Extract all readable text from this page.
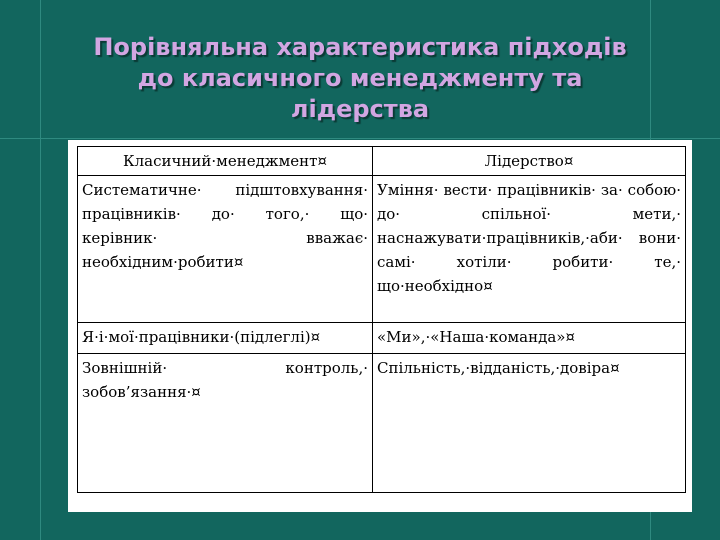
Порівняльна характеристика підходів
до класичного менеджменту та
лідерства
Класичний·менеджмент¤	Лідерство¤
Систематичне· підштовхування· працівників· до· того,· що· керівник· вважає· необхідним·робити¤	Уміння· вести· працівників· за· собою· до· спільної· мети,· наснажувати·працівників,·аби· вони· самі· хотіли· робити· те,· що·необхідно¤
Я·і·мої·працівники·(підлеглі)¤	«Ми»,·«Наша·команда»¤
Зовнішній· контроль,· зобов’язання·¤	Спільність,·відданість,·довіра¤
